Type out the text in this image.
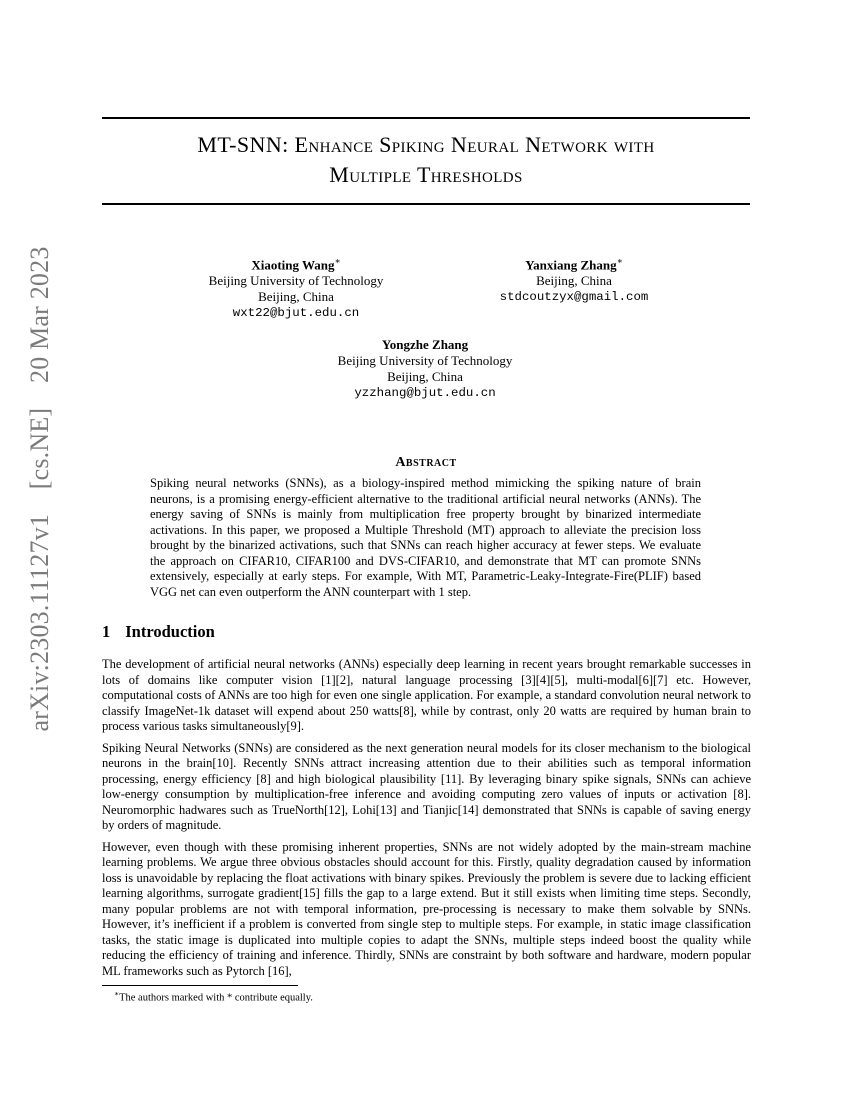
arXiv:2303.11127v1 [cs.NE] 20 Mar 2023
MT-SNN: Enhance Spiking Neural Network with
Multiple Thresholds
Xiaoting Wang∗
Beijing University of Technology
Beijing, China
wxt22@bjut.edu.cn
Yanxiang Zhang∗
Beijing, China
stdcoutzyx@gmail.com
Yongzhe Zhang
Beijing University of Technology
Beijing, China
yzzhang@bjut.edu.cn
Abstract
Spiking neural networks (SNNs), as a biology-inspired method mimicking the spiking nature of brain neurons, is a promising energy-efficient alternative to the traditional artificial neural networks (ANNs). The energy saving of SNNs is mainly from multiplication free property brought by binarized intermediate activations. In this paper, we proposed a Multiple Threshold (MT) approach to alleviate the precision loss brought by the binarized activations, such that SNNs can reach higher accuracy at fewer steps. We evaluate the approach on CIFAR10, CIFAR100 and DVS-CIFAR10, and demonstrate that MT can promote SNNs extensively, especially at early steps. For example, With MT, Parametric-Leaky-Integrate-Fire(PLIF) based VGG net can even outperform the ANN counterpart with 1 step.
1 Introduction

The development of artificial neural networks (ANNs) especially deep learning in recent years brought remarkable successes in lots of domains like computer vision [1][2], natural language processing [3][4][5], multi-modal[6][7] etc. However, computational costs of ANNs are too high for even one single application. For example, a standard convolution neural network to classify ImageNet-1k dataset will expend about 250 watts[8], while by contrast, only 20 watts are required by human brain to process various tasks simultaneously[9].

Spiking Neural Networks (SNNs) are considered as the next generation neural models for its closer mechanism to the biological neurons in the brain[10]. Recently SNNs attract increasing attention due to their abilities such as temporal information processing, energy efficiency [8] and high biological plausibility [11]. By leveraging binary spike signals, SNNs can achieve low-energy consumption by multiplication-free inference and avoiding computing zero values of inputs or activation [8]. Neuromorphic hadwares such as TrueNorth[12], Lohi[13] and Tianjic[14] demonstrated that SNNs is capable of saving energy by orders of magnitude.

However, even though with these promising inherent properties, SNNs are not widely adopted by the main-stream machine learning problems. We argue three obvious obstacles should account for this. Firstly, quality degradation caused by information loss is unavoidable by replacing the float activations with binary spikes. Previously the problem is severe due to lacking efficient learning algorithms, surrogate gradient[15] fills the gap to a large extend. But it still exists when limiting time steps. Secondly, many popular problems are not with temporal information, pre-processing is necessary to make them solvable by SNNs. However, it’s inefficient if a problem is converted from single step to multiple steps. For example, in static image classification tasks, the static image is duplicated into multiple copies to adapt the SNNs, multiple steps indeed boost the quality while reducing the efficiency of training and inference. Thirdly, SNNs are constraint by both software and hardware, modern popular ML frameworks such as Pytorch [16],

∗The authors marked with * contribute equally.
